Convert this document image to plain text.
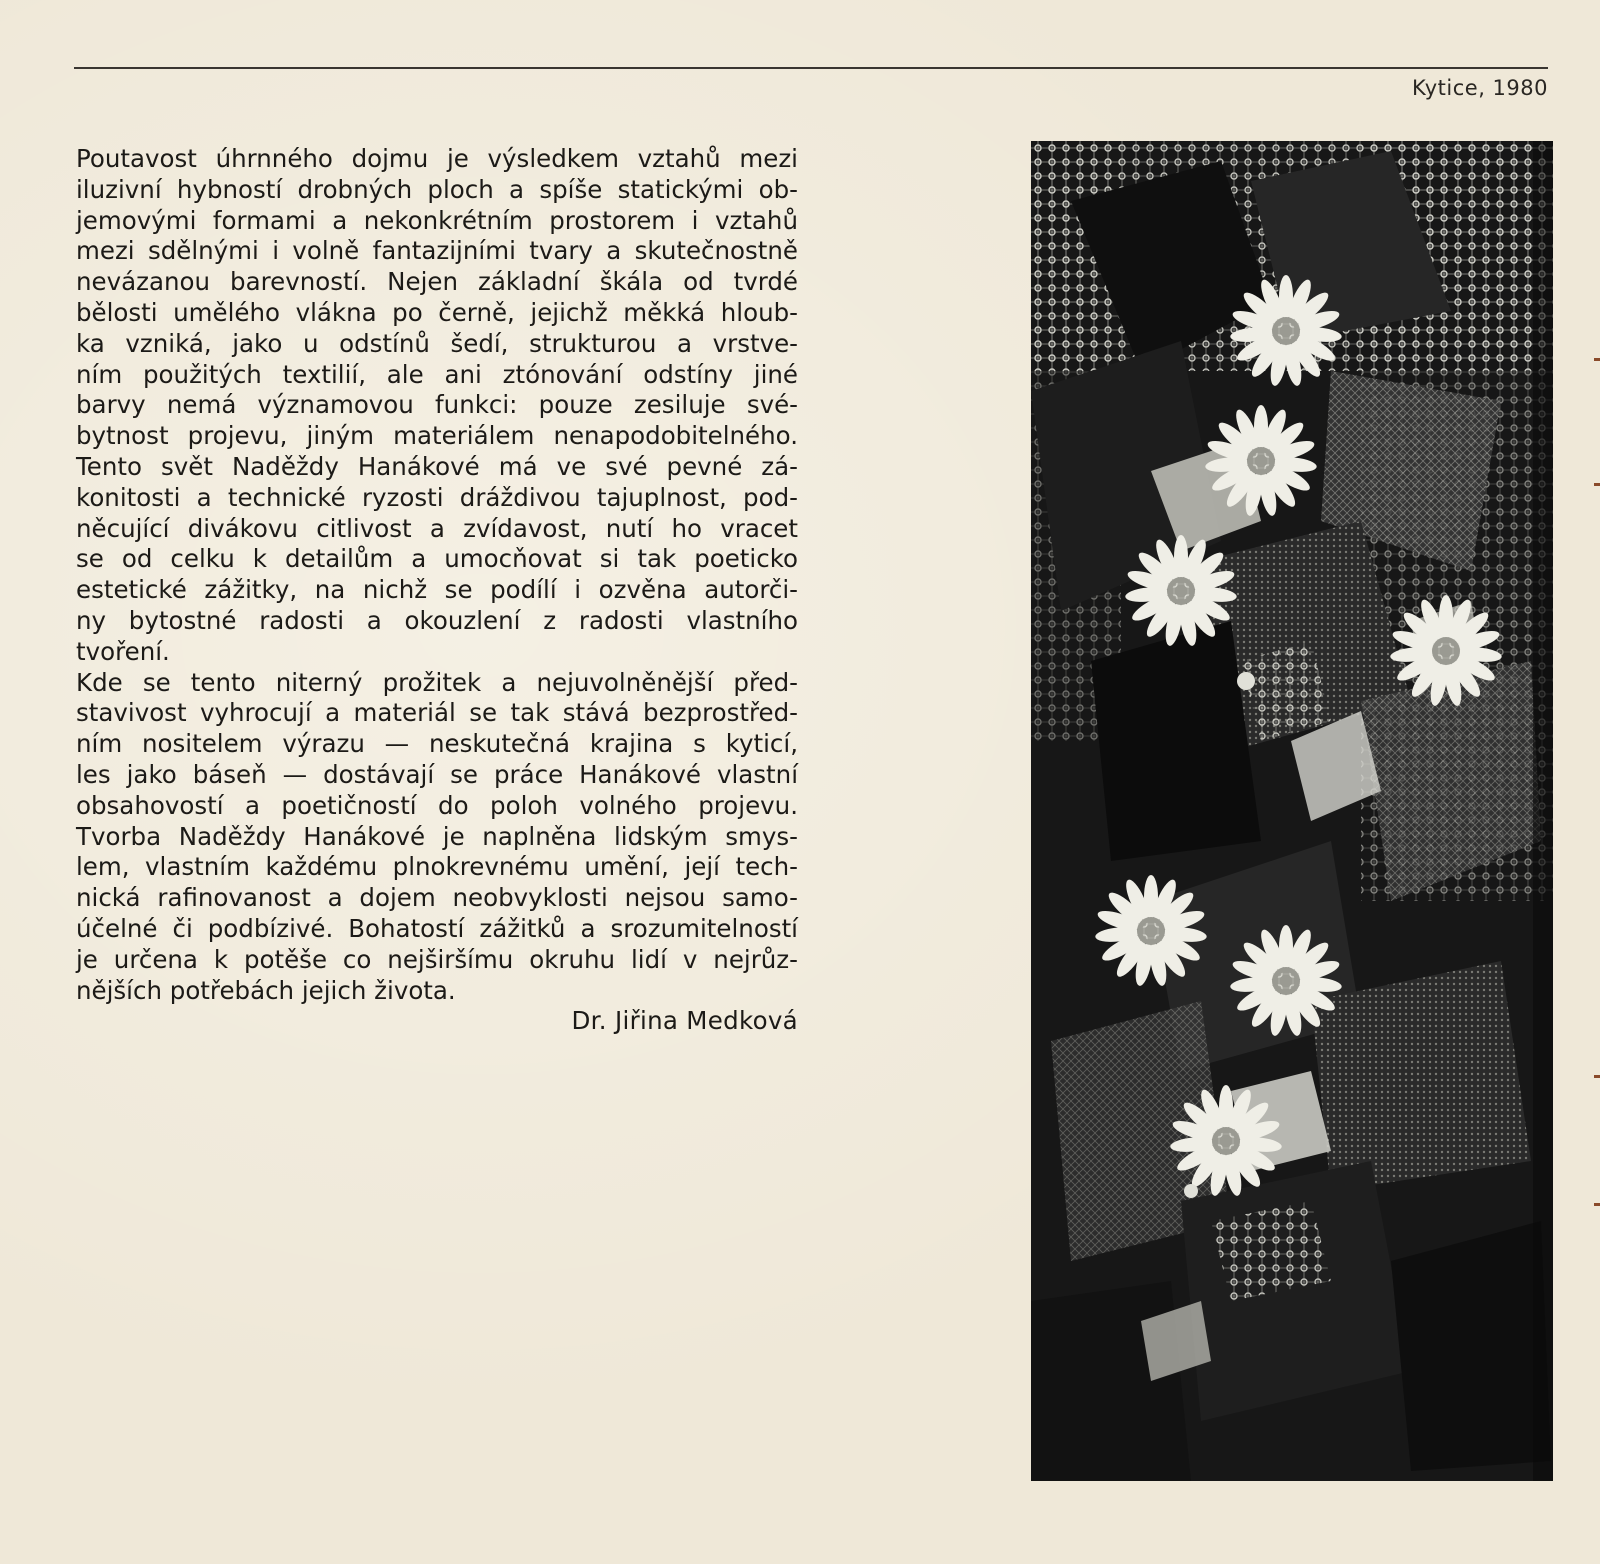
Kytice, 1980

Poutavost úhrnného dojmu je výsledkem vztahů mezi

iluzivní hybností drobných ploch a spíše statickými ob-

jemovými formami a nekonkrétním prostorem i vztahů

mezi sdělnými i volně fantazijními tvary a skutečnostně

nevázanou barevností. Nejen základní škála od tvrdé

bělosti umělého vlákna po černě, jejichž měkká hloub-

ka vzniká, jako u odstínů šedí, strukturou a vrstve-

ním použitých textilií, ale ani ztónování odstíny jiné

barvy nemá významovou funkci: pouze zesiluje své-

bytnost projevu, jiným materiálem nenapodobitelného.

Tento svět Naděždy Hanákové má ve své pevné zá-

konitosti a technické ryzosti dráždivou tajuplnost, pod-

něcující divákovu citlivost a zvídavost, nutí ho vracet

se od celku k detailům a umocňovat si tak poeticko

estetické zážitky, na nichž se podílí i ozvěna autorči-

ny bytostné radosti a okouzlení z radosti vlastního

tvoření.

Kde se tento niterný prožitek a nejuvolněnější před-

stavivost vyhrocují a materiál se tak stává bezprostřed-

ním nositelem výrazu — neskutečná krajina s kyticí,

les jako báseň — dostávají se práce Hanákové vlastní

obsahovostí a poetičností do poloh volného projevu.

Tvorba Naděždy Hanákové je naplněna lidským smys-

lem, vlastním každému plnokrevnému umění, její tech-

nická rafinovanost a dojem neobvyklosti nejsou samo-

účelné či podbízivé. Bohatostí zážitků a srozumitelností

je určena k potěše co nejširšímu okruhu lidí v nejrůz-

nějších potřebách jejich života.

Dr. Jiřina Medková
